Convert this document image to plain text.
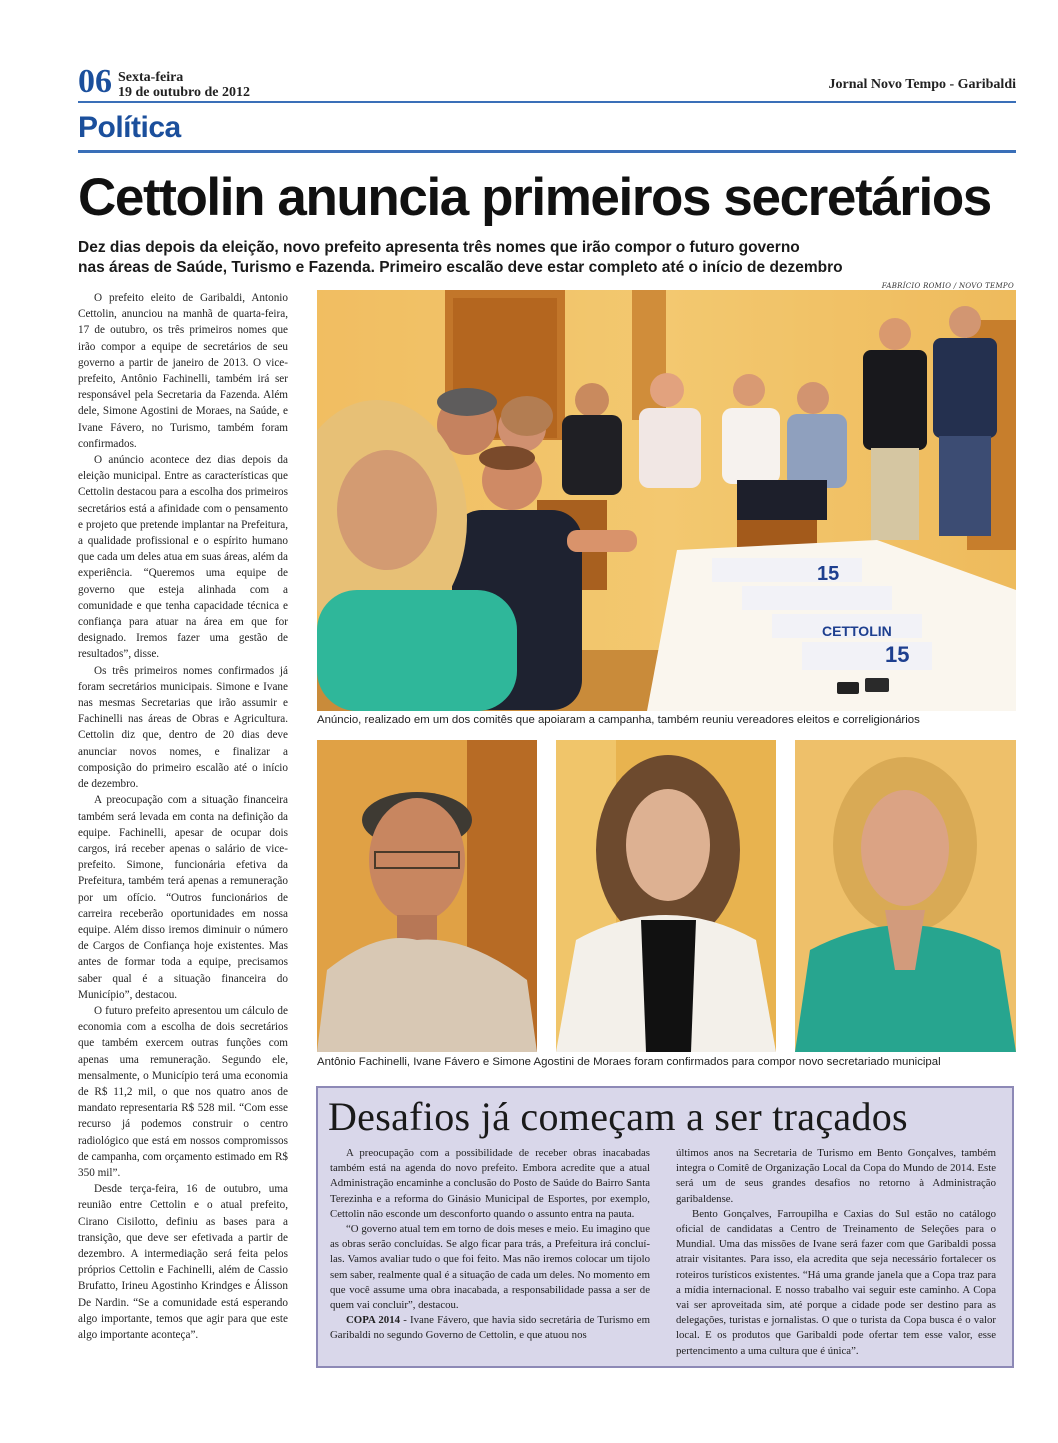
06 Sexta-feira
19 de outubro de 2012
Jornal Novo Tempo - Garibaldi
Política
Cettolin anuncia primeiros secretários
Dez dias depois da eleição, novo prefeito apresenta três nomes que irão compor o futuro governo
nas áreas de Saúde, Turismo e Fazenda. Primeiro escalão deve estar completo até o início de dezembro
FABRÍCIO ROMIO / NOVO TEMPO

O prefeito eleito de Garibaldi, Antonio Cettolin, anunciou na manhã de quarta-feira, 17 de outubro, os três primeiros nomes que irão compor a equipe de secretários de seu governo a partir de janeiro de 2013. O vice-prefeito, Antônio Fachinelli, também irá ser responsável pela Secretaria da Fazenda. Além dele, Simone Agostini de Moraes, na Saúde, e Ivane Fávero, no Turismo, também foram confirmados.

O anúncio acontece dez dias depois da eleição municipal. Entre as características que Cettolin destacou para a escolha dos primeiros secretários está a afinidade com o pensamento e projeto que pretende implantar na Prefeitura, a qualidade profissional e o espírito humano que cada um deles atua em suas áreas, além da experiência. “Queremos uma equipe de governo que esteja alinhada com a comunidade e que tenha capacidade técnica e confiança para atuar na área em que for designado. Iremos fazer uma gestão de resultados”, disse.

Os três primeiros nomes confirmados já foram secretários municipais. Simone e Ivane nas mesmas Secretarias que irão assumir e Fachinelli nas áreas de Obras e Agricultura. Cettolin diz que, dentro de 20 dias deve anunciar novos nomes, e finalizar a composição do primeiro escalão até o início de dezembro.

A preocupação com a situação financeira também será levada em conta na definição da equipe. Fachinelli, apesar de ocupar dois cargos, irá receber apenas o salário de vice-prefeito. Simone, funcionária efetiva da Prefeitura, também terá apenas a remuneração por um ofício. “Outros funcionários de carreira receberão oportunidades em nossa equipe. Além disso iremos diminuir o número de Cargos de Confiança hoje existentes. Mas antes de formar toda a equipe, precisamos saber qual é a situação financeira do Município”, destacou.

O futuro prefeito apresentou um cálculo de economia com a escolha de dois secretários que também exercem outras funções com apenas uma remuneração. Segundo ele, mensalmente, o Município terá uma economia de R$ 11,2 mil, o que nos quatro anos de mandato representaria R$ 528 mil. “Com esse recurso já podemos construir o centro radiológico que está em nossos compromissos de campanha, com orçamento estimado em R$ 350 mil”.

Desde terça-feira, 16 de outubro, uma reunião entre Cettolin e o atual prefeito, Cirano Cisilotto, definiu as bases para a transição, que deve ser efetivada a partir de dezembro. A intermediação será feita pelos próprios Cettolin e Fachinelli, além de Cassio Brufatto, Irineu Agostinho Krindges e Álisson De Nardin. “Se a comunidade está esperando algo importante, temos que agir para que este algo importante aconteça”.

15
15
CETTOLIN
Anúncio, realizado em um dos comitês que apoiaram a campanha, também reuniu vereadores eleitos e correligionários
Antônio Fachinelli, Ivane Fávero e Simone Agostini de Moraes foram confirmados para compor novo secretariado municipal
Desafios já começam a ser traçados

A preocupação com a possibilidade de receber obras inacabadas também está na agenda do novo prefeito. Embora acredite que a atual Administração encaminhe a conclusão do Posto de Saúde do Bairro Santa Terezinha e a reforma do Ginásio Municipal de Esportes, por exemplo, Cettolin não esconde um desconforto quando o assunto entra na pauta.

“O governo atual tem em torno de dois meses e meio. Eu imagino que as obras serão concluídas. Se algo ficar para trás, a Prefeitura irá concluí-las. Vamos avaliar tudo o que foi feito. Mas não iremos colocar um tijolo sem saber, realmente qual é a situação de cada um deles. No momento em que você assume uma obra inacabada, a responsabilidade passa a ser de quem vai concluir”, destacou.

COPA 2014 - Ivane Fávero, que havia sido secretária de Turismo em Garibaldi no segundo Governo de Cettolin, e que atuou nos

últimos anos na Secretaria de Turismo em Bento Gonçalves, também integra o Comitê de Organização Local da Copa do Mundo de 2014. Este será um de seus grandes desafios no retorno à Administração garibaldense.

Bento Gonçalves, Farroupilha e Caxias do Sul estão no catálogo oficial de candidatas a Centro de Treinamento de Seleções para o Mundial. Uma das missões de Ivane será fazer com que Garibaldi possa atrair visitantes. Para isso, ela acredita que seja necessário fortalecer os roteiros turísticos existentes. “Há uma grande janela que a Copa traz para a mídia internacional. E nosso trabalho vai seguir este caminho. A Copa vai ser aproveitada sim, até porque a cidade pode ser destino para as delegações, turistas e jornalistas. O que o turista da Copa busca é o valor local. E os produtos que Garibaldi pode ofertar tem esse valor, esse pertencimento a uma cultura que é única”.
